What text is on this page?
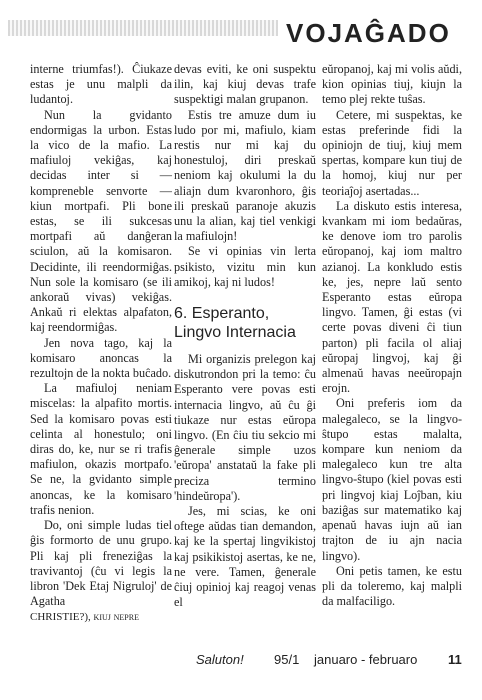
VOJAĜADO

interne triumfas!). Ĉiukaze estas je unu malpli da ludantoj.

Nun la gvidanto endormigas la urbon. Estas la vico de la mafio. La mafiuloj vekiĝas, kaj decidas inter si — kompreneble senvorte — kiun mortpafi. Pli bone estas, se ili sukcesas mortpafi aŭ danĝeran sciulon, aŭ la komisaron. Decidinte, ili reendormiĝas. Nun sole la komisaro (se ili ankoraŭ vivas) vekiĝas. Ankaŭ ri elektas alpafaton, kaj reendormiĝas.

Jen nova tago, kaj la komisaro anoncas la rezultojn de la nokta buĉado.

La mafiuloj neniam miscelas: la alpafito mortis. Sed la komisaro povas esti celinta al honestulo; oni diras do, ke, nur se ri trafis mafiulon, okazis mortpafo. Se ne, la gvidanto simple anoncas, ke la komisaro trafis nenion.

Do, oni simple ludas tiel ĝis formorto de unu grupo. Pli kaj pli freneziĝas la travivantoj (ĉu vi legis la libron 'Dek Etaj Nigruloj' de Agatha

CHRISTIE?), kiuj nepre

devas eviti, ke oni suspektu ilin, kaj kiuj devas trafe suspektigi malan grupanon.

Estis tre amuze dum iu ludo por mi, mafiulo, kiam restis nur mi kaj du honestuloj, diri preskaŭ neniom kaj okulumi la du aliajn dum kvaronhoro, ĝis ili preskaŭ paranoje akuzis unu la alian, kaj tiel venkigi la mafiulojn!

Se vi opinias vin lerta psikisto, vizitu min kun amikoj, kaj ni ludos!

6. Esperanto, Lingvo Internacia

Mi organizis prelegon kaj diskutrondon pri la temo: ĉu Esperanto vere povas esti internacia lingvo, aŭ ĉu ĝi tiukaze nur estas eŭropa lingvo. (En ĉiu tiu sekcio mi ĝenerale simple uzos 'eŭropa' anstataŭ la fake pli preciza termino 'hindeŭropa').

Jes, mi scias, ke oni oftege aŭdas tian demandon, kaj ke la spertaj lingvikistoj kaj psikikistoj asertas, ke ne, ne vere. Tamen, ĝenerale ĉiuj opinioj kaj reagoj venas el

eŭropanoj, kaj mi volis aŭdi, kion opinias tiuj, kiujn la temo plej rekte tuŝas.

Cetere, mi suspektas, ke estas preferinde fidi la opiniojn de tiuj, kiuj mem spertas, kompare kun tiuj de la homoj, kiuj nur per teoriaĵoj asertadas...

La diskuto estis interesa, kvankam mi iom bedaŭras, ke denove iom tro parolis eŭropanoj, kaj iom maltro azianoj. La konkludo estis ke, jes, nepre laŭ sento Esperanto estas eŭropa lingvo. Tamen, ĝi estas (vi certe povas diveni ĉi tiun parton) pli facila ol aliaj eŭropaj lingvoj, kaj ĝi almenaŭ havas neeŭropajn erojn.

Oni preferis iom da malegaleco, se la lingvo-ŝtupo estas malalta, kompare kun neniom da malegaleco kun tre alta lingvo-ŝtupo (kiel povas esti pri lingvoj kiaj Loĵban, kiu baziĝas sur matematiko kaj apenaŭ havas iujn aŭ ian trajton de iu ajn nacia lingvo).

Oni petis tamen, ke estu pli da toleremo, kaj malpli da malfaciligo.

Saluton! 95/1 januaro - februaro 11
